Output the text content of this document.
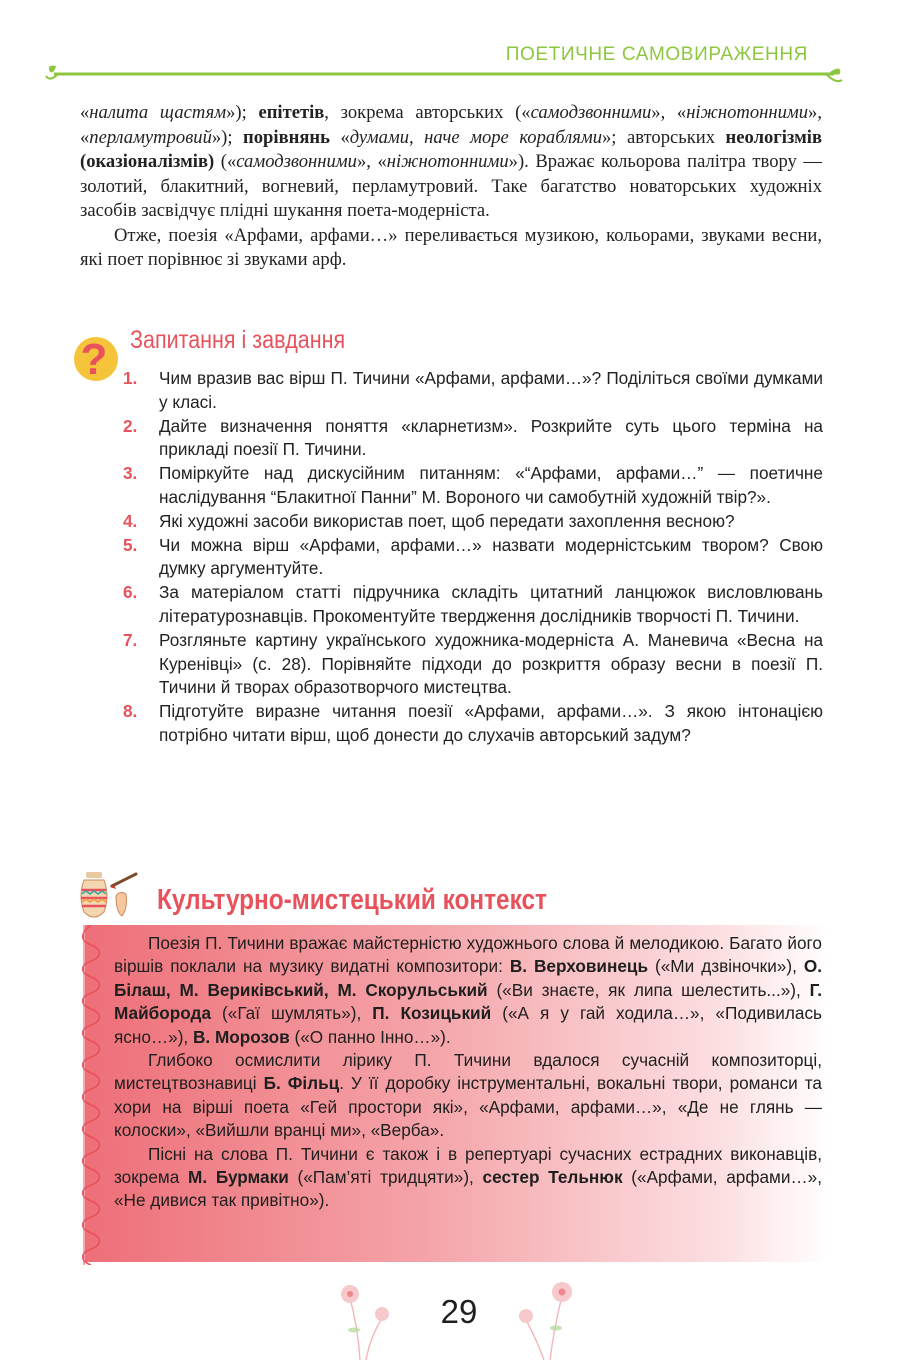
ПОЕТИЧНЕ САМОВИРАЖЕННЯ

«налита щастям»); епітетів, зокрема авторських («самодзвонними», «ніжнотонними», «перламутровий»); порівнянь «думами, наче море кораблями»; авторських неологізмів (оказіоналізмів) («самодзвонними», «ніжнотонними»). Вражає кольорова палітра твору — золотий, блакитний, вогневий, перламутровий. Таке багатство новаторських художніх засобів засвідчує плідні шукання поета-модерніста.

Отже, поезія «Арфами, арфами…» переливається музикою, кольорами, звуками весни, які поет порівнює зі звуками арф.

? Запитання і завдання
1.	Чим вразив вас вірш П. Тичини «Арфами, арфами…»? Поділіться своїми думками у класі.
2.	Дайте визначення поняття «кларнетизм». Розкрийте суть цього терміна на прикладі поезії П. Тичини.
3.	Поміркуйте над дискусійним питанням: «“Арфами, арфами…” — поетичне наслідування “Блакитної Панни” М. Вороного чи самобутній художній твір?».
4.	Які художні засоби використав поет, щоб передати захоплення весною?
5.	Чи можна вірш «Арфами, арфами…» назвати модерністським твором? Свою думку аргументуйте.
6.	За матеріалом статті підручника складіть цитатний ланцюжок висловлювань літературознавців. Прокоментуйте твердження дослідників творчості П. Тичини.
7.	Розгляньте картину українського художника-модерніста А. Маневича «Весна на Куренівці» (с. 28). Порівняйте підходи до розкриття образу весни в поезії П. Тичини й творах образотворчого мистецтва.
8.	Підготуйте виразне читання поезії «Арфами, арфами…». З якою інтонацією потрібно читати вірш, щоб донести до слухачів авторський задум?
Культурно-мистецький контекст

Поезія П. Тичини вражає майстерністю художнього слова й мелодикою. Багато його віршів поклали на музику видатні композитори: В. Верховинець («Ми дзвіночки»), О. Білаш, М. Вериківський, М. Скорульський («Ви знаєте, як липа шелестить...»), Г. Майборода («Гаї шумлять»), П. Козицький («А я у гай ходила…», «Подивилась ясно…»), В. Морозов («О панно Інно…»).

Глибоко осмислити лірику П. Тичини вдалося сучасній композиторці, мистецтвознавиці Б. Фільц. У її доробку інструментальні, вокальні твори, романси та хори на вірші поета «Гей простори які», «Арфами, арфами…», «Де не глянь — колоски», «Вийшли вранці ми», «Верба».

Пісні на слова П. Тичини є також і в репертуарі сучасних естрадних виконавців, зокрема М. Бурмаки («Пам’яті тридцяти»), сестер Тельнюк («Арфами, арфами…», «Не дивися так привітно»).

29
